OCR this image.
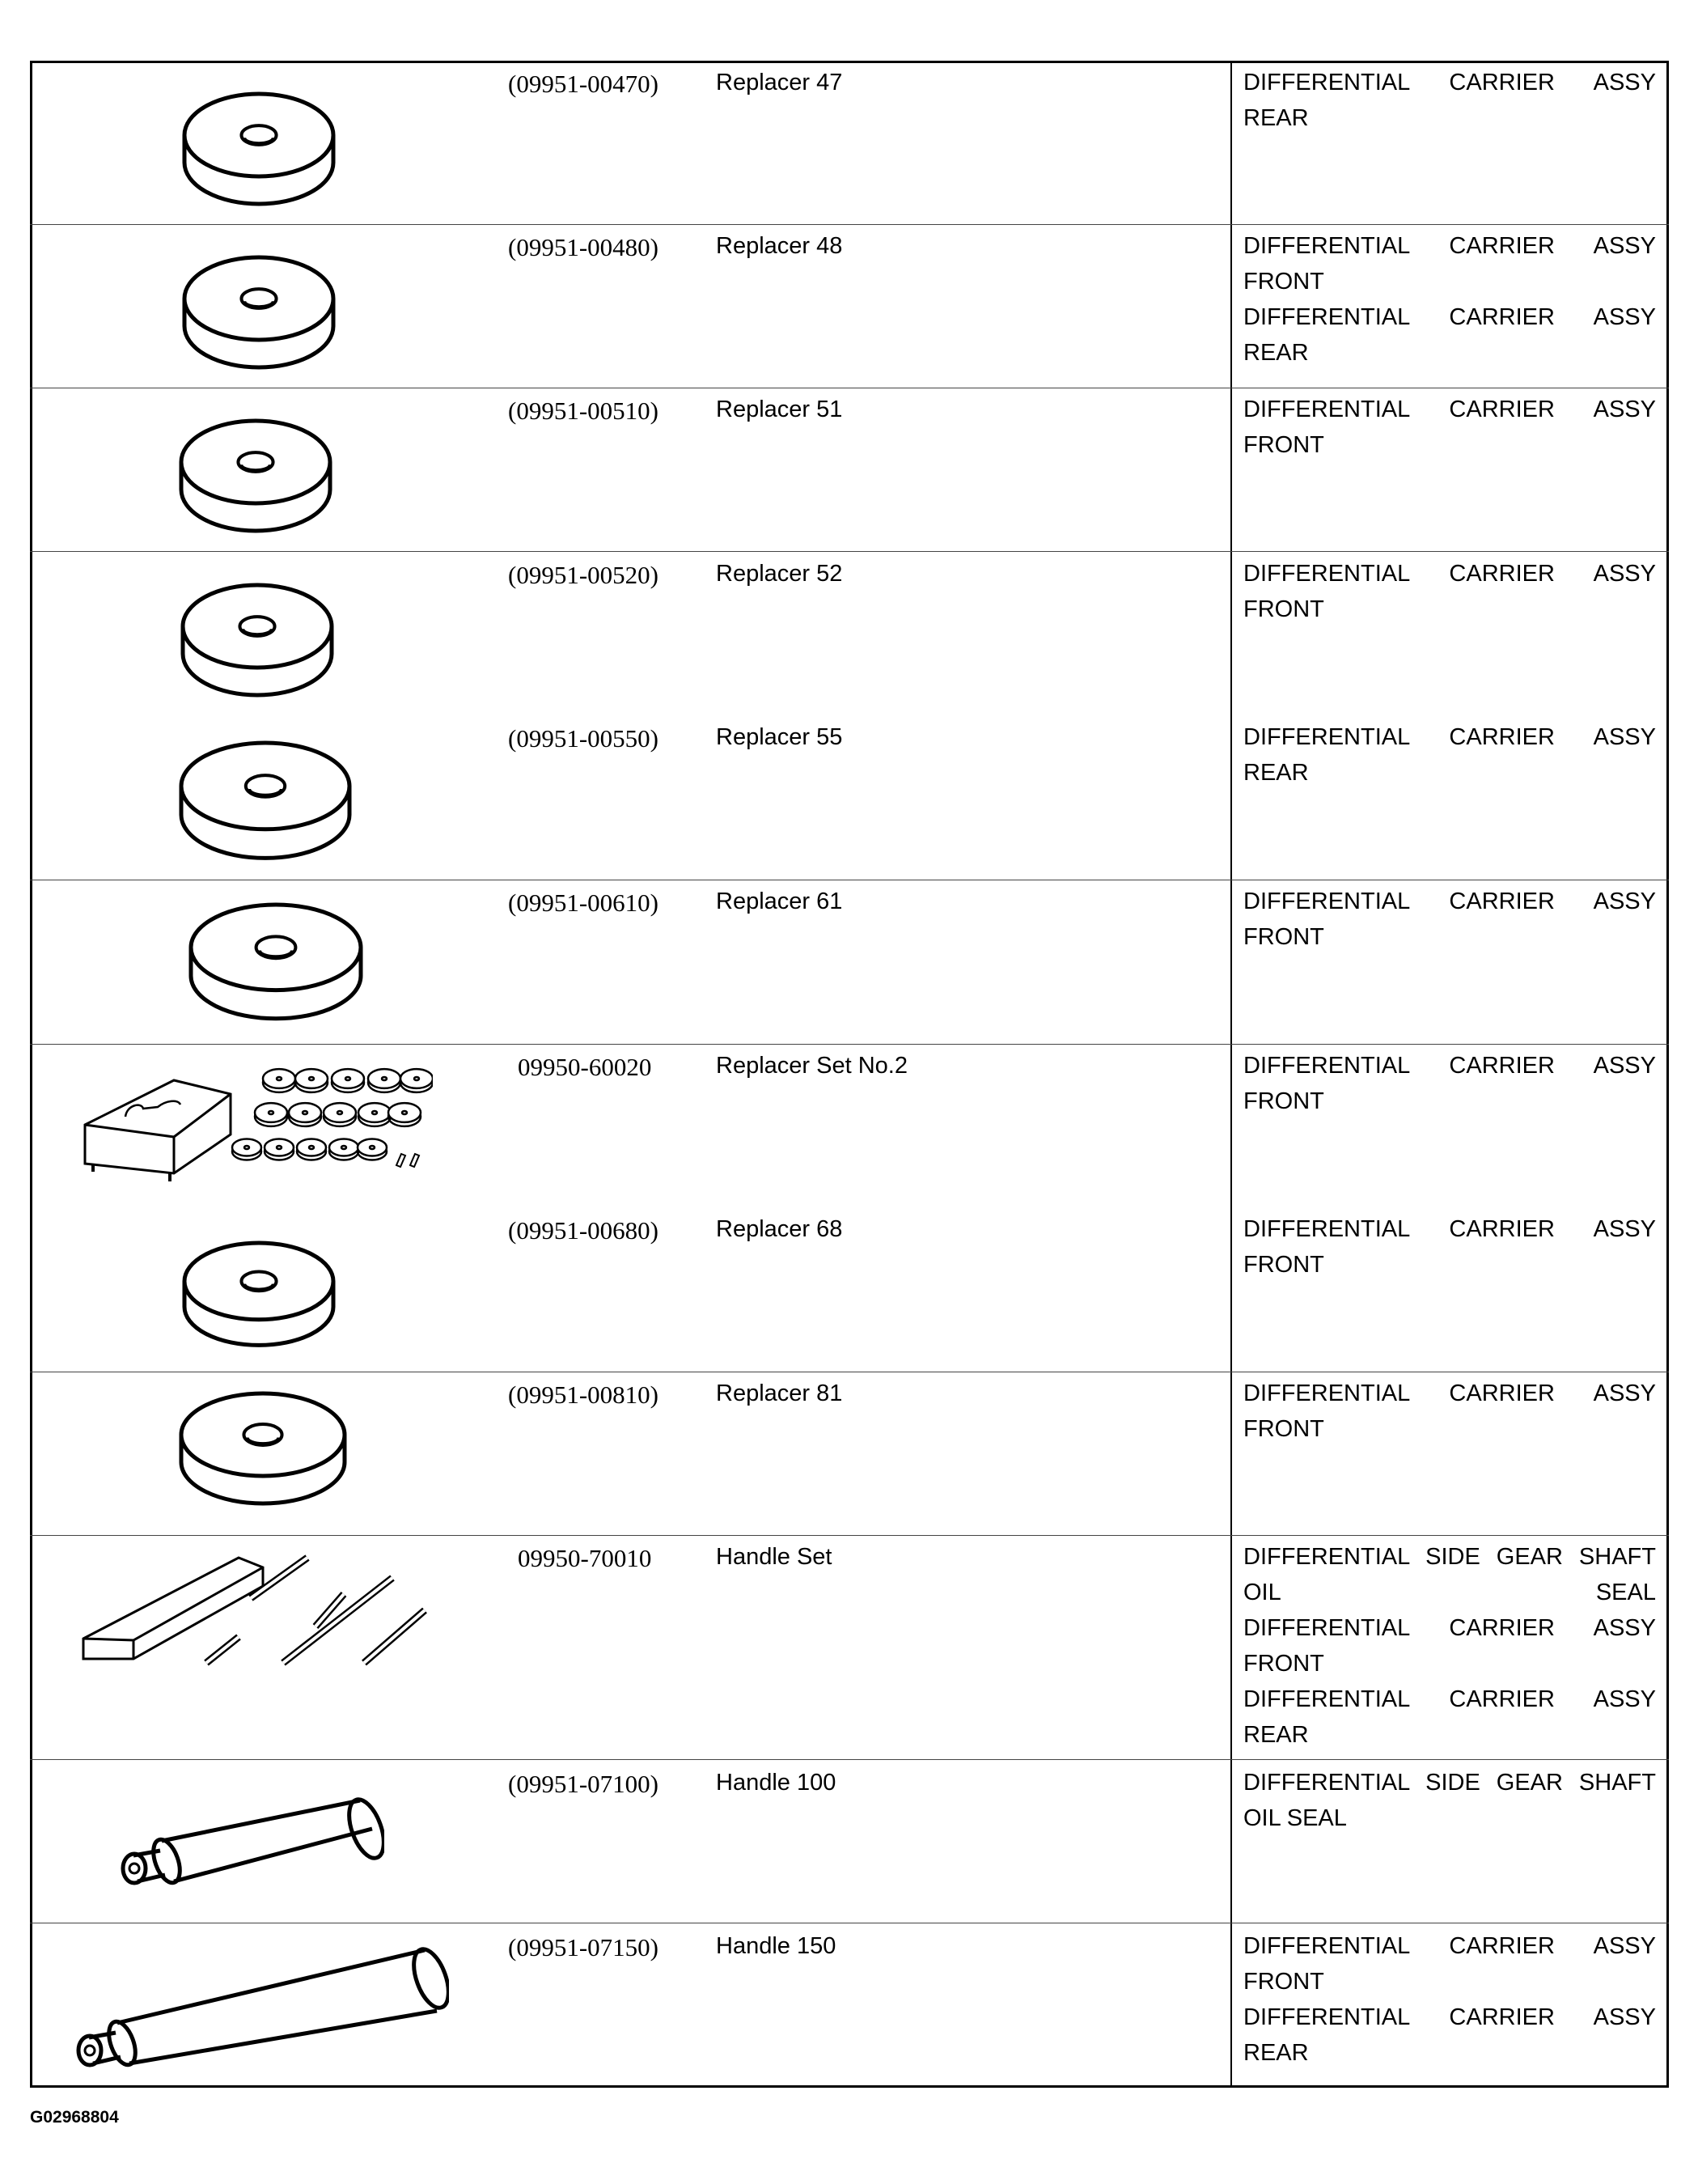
(09951-00470) Replacer 47	DIFFERENTIAL CARRIER ASSY
REAR
(09951-00480) Replacer 48	DIFFERENTIAL CARRIER ASSY
FRONT
DIFFERENTIAL CARRIER ASSY
REAR
(09951-00510) Replacer 51	DIFFERENTIAL CARRIER ASSY
FRONT
(09951-00520) Replacer 52	DIFFERENTIAL CARRIER ASSY
FRONT
(09951-00550) Replacer 55	DIFFERENTIAL CARRIER ASSY
REAR
(09951-00610) Replacer 61	DIFFERENTIAL CARRIER ASSY
FRONT
09950-60020	Replacer Set No.2	DIFFERENTIAL CARRIER ASSY
FRONT
(09951-00680) Replacer 68	DIFFERENTIAL CARRIER ASSY
FRONT
(09951-00810) Replacer 81	DIFFERENTIAL CARRIER ASSY
FRONT
09950-70010	Handle Set	DIFFERENTIAL SIDE GEAR SHAFT
OIL SEAL
DIFFERENTIAL CARRIER ASSY
FRONT
DIFFERENTIAL CARRIER ASSY
REAR
(09951-07100) Handle 100	DIFFERENTIAL SIDE GEAR SHAFT
OIL SEAL
(09951-07150) Handle 150	DIFFERENTIAL CARRIER ASSY
FRONT
DIFFERENTIAL CARRIER ASSY
REAR
G02968804
